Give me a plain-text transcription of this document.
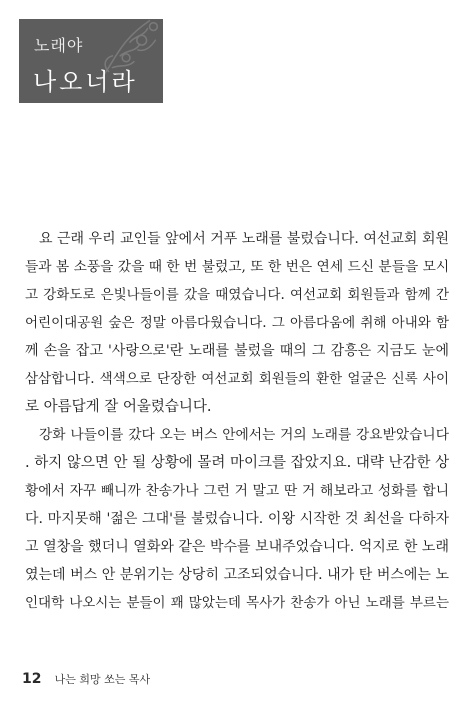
노래야
나오너라
요 근래 우리 교인들 앞에서 거푸 노래를 불렀습니다. 여선교회 회원
들과 봄 소풍을 갔을 때 한 번 불렀고, 또 한 번은 연세 드신 분들을 모시
고 강화도로 은빛나들이를 갔을 때였습니다. 여선교회 회원들과 함께 간
어린이대공원 숲은 정말 아름다웠습니다. 그 아름다움에 취해 아내와 함
께 손을 잡고 '사랑으로'란 노래를 불렀을 때의 그 감흥은 지금도 눈에
삼삼합니다. 색색으로 단장한 여선교회 회원들의 환한 얼굴은 신록 사이
로 아름답게 잘 어울렸습니다.
강화 나들이를 갔다 오는 버스 안에서는 거의 노래를 강요받았습니다
. 하지 않으면 안 될 상황에 몰려 마이크를 잡았지요. 대략 난감한 상
황에서 자꾸 빼니까 찬송가나 그런 거 말고 딴 거 해보라고 성화를 합니
다. 마지못해 '젊은 그대'를 불렀습니다. 이왕 시작한 것 최선을 다하자
고 열창을 했더니 열화와 같은 박수를 보내주었습니다. 억지로 한 노래
였는데 버스 안 분위기는 상당히 고조되었습니다. 내가 탄 버스에는 노
인대학 나오시는 분들이 꽤 많았는데 목사가 찬송가 아닌 노래를 부르는
12 나는 희망 쏘는 목사
